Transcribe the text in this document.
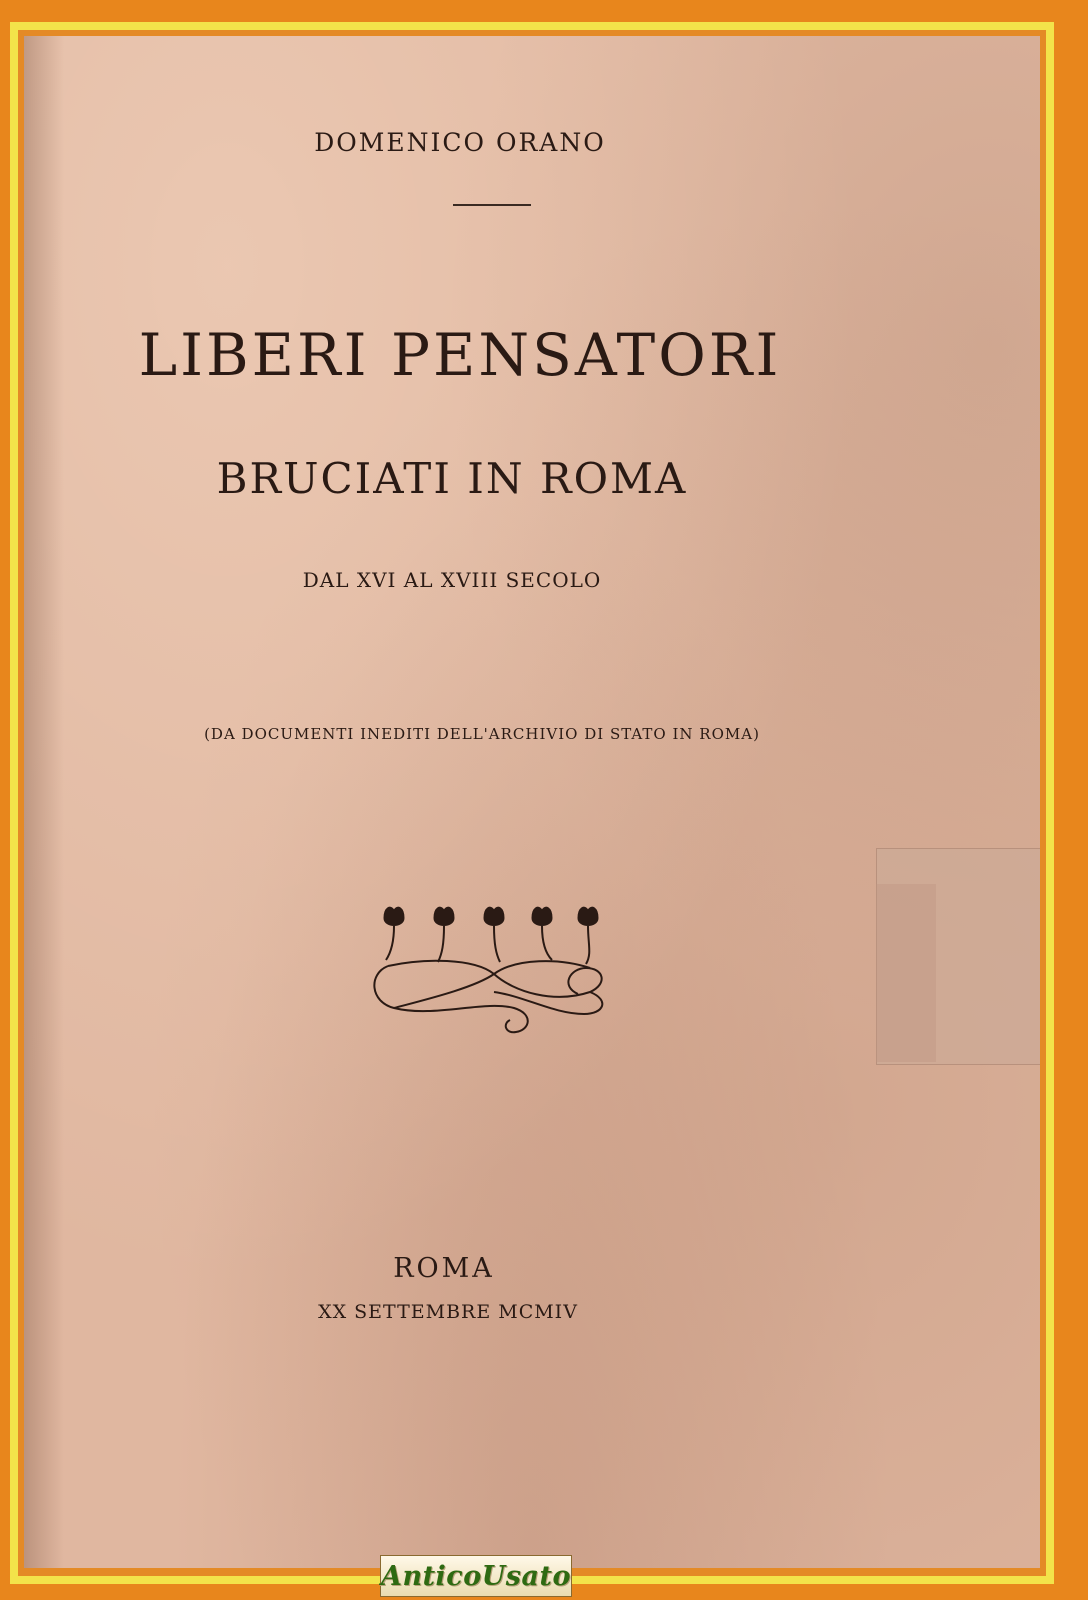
DOMENICO ORANO

LIBERI PENSATORI

BRUCIATI IN ROMA

DAL XVI AL XVIII SECOLO

(DA DOCUMENTI INEDITI DELL'ARCHIVIO DI STATO IN ROMA)

ROMA

XX SETTEMBRE MCMIV

AnticoUsato
